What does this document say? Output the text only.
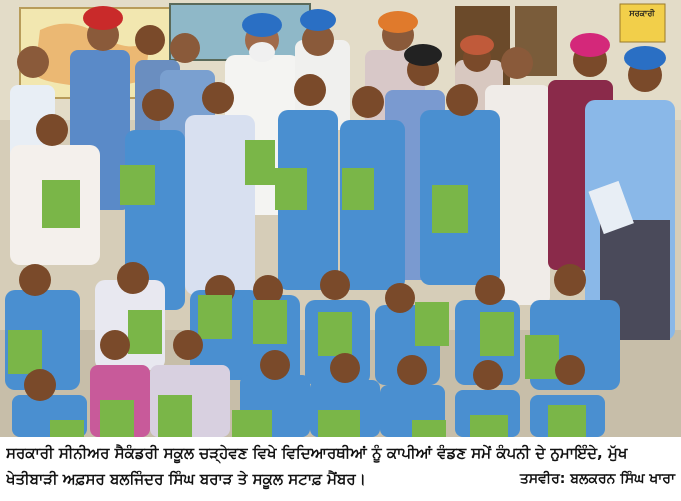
ਸਰਕਾਰੀ
ਸਰਕਾਰੀ ਸੀਨੀਅਰ ਸੈਕੰਡਰੀ ਸਕੂਲ ਚੜ੍ਹੇਵਣ ਵਿਖੇ ਵਿਦਿਆਰਥੀਆਂ ਨੂੰ ਕਾਪੀਆਂ ਵੰਡਣ ਸਮੇਂ ਕੰਪਨੀ ਦੇ ਨੁਮਾਇੰਦੇ, ਮੁੱਖ
ਖੇਤੀਬਾੜੀ ਅਫ਼ਸਰ ਬਲਜਿੰਦਰ ਸਿੰਘ ਬਰਾੜ ਤੇ ਸਕੂਲ ਸਟਾਫ਼ ਮੈਂਬਰ।	ਤਸਵੀਰ: ਬਲਕਰਨ ਸਿੰਘ ਖਾਰਾ
